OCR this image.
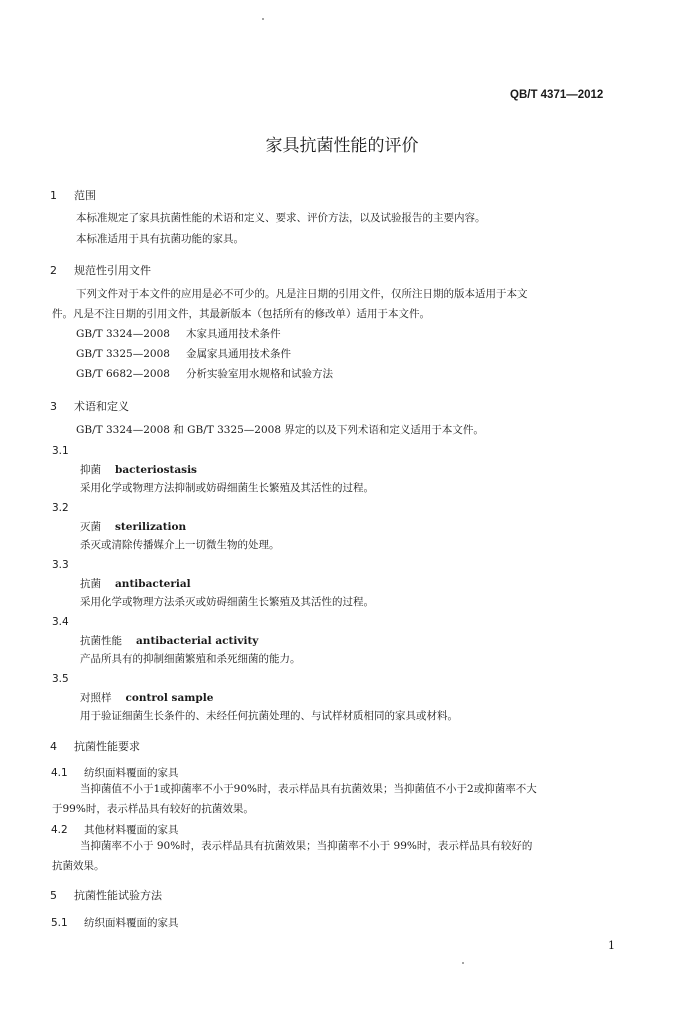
QB/T 4371—2012
家具抗菌性能的评价
1 范围
本标准规定了家具抗菌性能的术语和定义、要求、评价方法，以及试验报告的主要内容。
本标准适用于具有抗菌功能的家具。
2 规范性引用文件
下列文件对于本文件的应用是必不可少的。凡是注日期的引用文件，仅所注日期的版本适用于本文
件。凡是不注日期的引用文件，其最新版本（包括所有的修改单）适用于本文件。
GB/T 3324—2008 木家具通用技术条件
GB/T 3325—2008 金属家具通用技术条件
GB/T 6682—2008 分析实验室用水规格和试验方法
3 术语和定义
GB/T 3324—2008 和 GB/T 3325—2008 界定的以及下列术语和定义适用于本文件。
3.1
抑菌 bacteriostasis
采用化学或物理方法抑制或妨碍细菌生长繁殖及其活性的过程。
3.2
灭菌 sterilization
杀灭或清除传播媒介上一切微生物的处理。
3.3
抗菌 antibacterial
采用化学或物理方法杀灭或妨碍细菌生长繁殖及其活性的过程。
3.4
抗菌性能 antibacterial activity
产品所具有的抑制细菌繁殖和杀死细菌的能力。
3.5
对照样 control sample
用于验证细菌生长条件的、未经任何抗菌处理的、与试样材质相同的家具或材料。
4 抗菌性能要求
4.1 纺织面料覆面的家具
当抑菌值不小于1或抑菌率不小于90%时，表示样品具有抗菌效果；当抑菌值不小于2或抑菌率不大
于99%时，表示样品具有较好的抗菌效果。
4.2 其他材料覆面的家具
当抑菌率不小于 90%时，表示样品具有抗菌效果；当抑菌率不小于 99%时，表示样品具有较好的
抗菌效果。
5 抗菌性能试验方法
5.1 纺织面料覆面的家具
1
